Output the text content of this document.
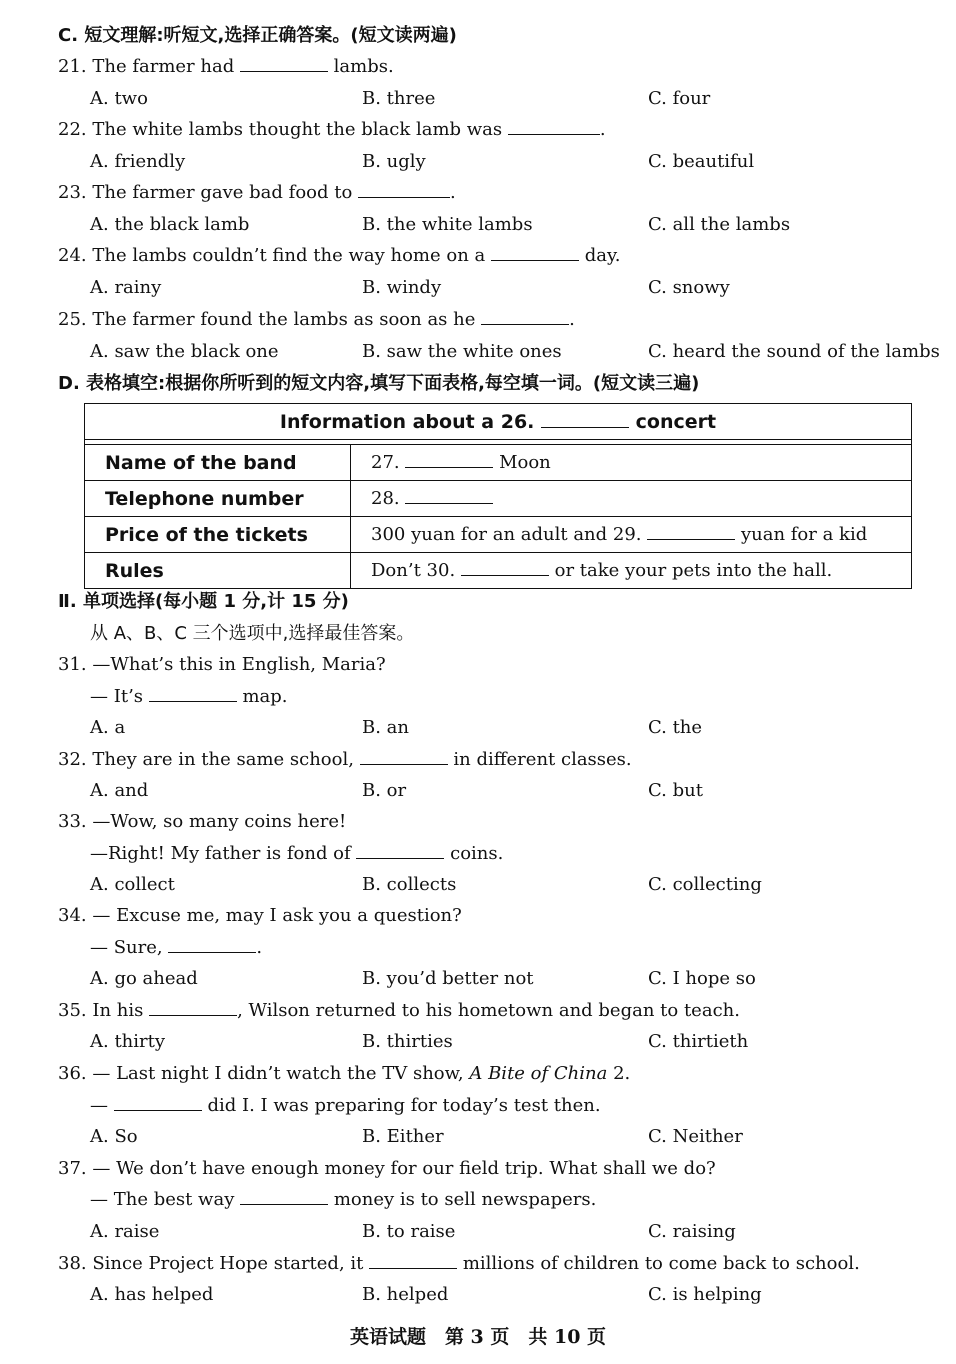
C. 短文理解:听短文,选择正确答案。(短文读两遍)
21. The farmer had	lambs.
A. two	B. three	C. four
22. The white lambs thought the black lamb was	.
A. friendly	B. ugly	C. beautiful
23. The farmer gave bad food to	.
A. the black lamb	B. the white lambs	C. all the lambs
24. The lambs couldn’t find the way home on a	day.
A. rainy	B. windy	C. snowy
25. The farmer found the lambs as soon as he	.
A. saw the black one	B. saw the white ones	C. heard the sound of the lambs
D. 表格填空:根据你所听到的短文内容,填写下面表格,每空填一词。(短文读三遍)
Information about a 26. concert	

Name of the band	27. Moon
Telephone number	28.
Price of the tickets	300 yuan for an adult and 29. yuan for a kid
Rules	Don’t 30. or take your pets into the hall.
Ⅱ. 单项选择(每小题 1 分,计 15 分)
从 A、B、C 三个选项中,选择最佳答案。
31. —What’s this in English, Maria?
— It’s	map.
A. a	B. an	C. the
32. They are in the same school,	in different classes.
A. and	B. or	C. but
33. —Wow, so many coins here!
—Right! My father is fond of	coins.
A. collect	B. collects	C. collecting
34. — Excuse me, may I ask you a question?
— Sure,	.
A. go ahead	B. you’d better not	C. I hope so
35. In his	, Wilson returned to his hometown and began to teach.
A. thirty	B. thirties	C. thirtieth
36. — Last night I didn’t watch the TV show, A Bite of China 2.
—	did I. I was preparing for today’s test then.
A. So	B. Either	C. Neither
37. — We don’t have enough money for our field trip. What shall we do?
— The best way	money is to sell newspapers.
A. raise	B. to raise	C. raising
38. Since Project Hope started, it	millions of children to come back to school.
A. has helped	B. helped	C. is helping
英语试题　第 3 页　共 10 页
